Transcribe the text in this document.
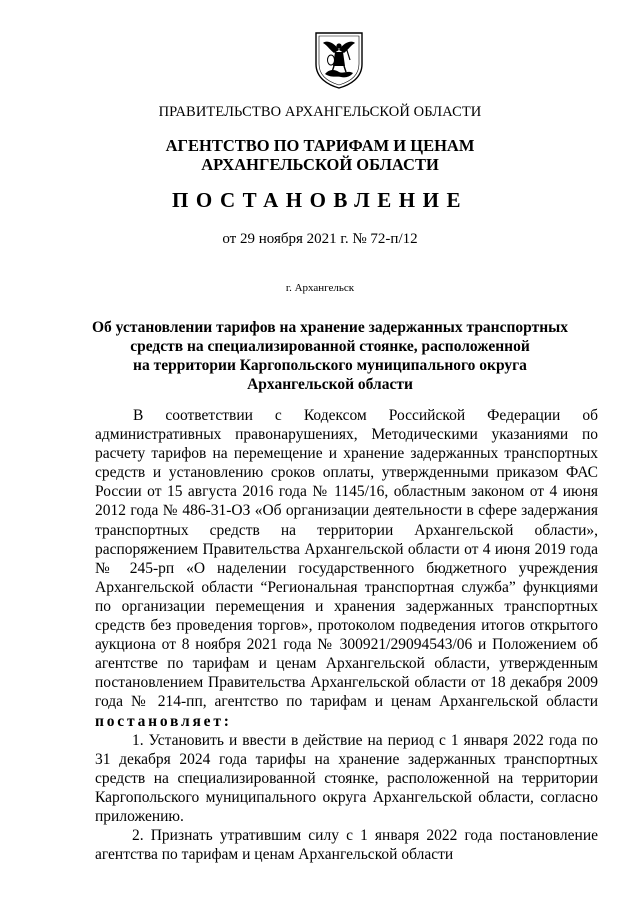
ПРАВИТЕЛЬСТВО АРХАНГЕЛЬСКОЙ ОБЛАСТИ
АГЕНТСТВО ПО ТАРИФАМ И ЦЕНАМ
АРХАНГЕЛЬСКОЙ ОБЛАСТИ
ПОСТАНОВЛЕНИЕ
от 29 ноября 2021 г. № 72-п/12
г. Архангельск
Об установлении тарифов на хранение задержанных транспортных
средств на специализированной стоянке, расположенной
на территории Каргопольского муниципального округа
Архангельской области

В соответствии с Кодексом Российской Федерации об административных правонарушениях, Методическими указаниями по расчету тарифов на перемещение и хранение задержанных транспортных средств и установлению сроков оплаты, утвержденными приказом ФАС России от 15 августа 2016 года № 1145/16, областным законом от 4 июня 2012 года № 486-31-ОЗ «Об организации деятельности в сфере задержания транспортных средств на территории Архангельской области», распоряжением Правительства Архангельской области от 4 июня 2019 года № 245-рп «О наделении государственного бюджетного учреждения Архангельской области “Региональная транспортная служба” функциями по организации перемещения и хранения задержанных транспортных средств без проведения торгов», протоколом подведения итогов открытого аукциона от 8 ноября 2021 года № 300921/29094543/06 и Положением об агентстве по тарифам и ценам Архангельской области, утвержденным постановлением Правительства Архангельской области от 18 декабря 2009 года № 214-пп, агентство по тарифам и ценам Архангельской области постановляет:

1. Установить и ввести в действие на период с 1 января 2022 года по 31 декабря 2024 года тарифы на хранение задержанных транспортных средств на специализированной стоянке, расположенной на территории Каргопольского муниципального округа Архангельской области, согласно приложению.

2. Признать утратившим силу с 1 января 2022 года постановление агентства по тарифам и ценам Архангельской области
